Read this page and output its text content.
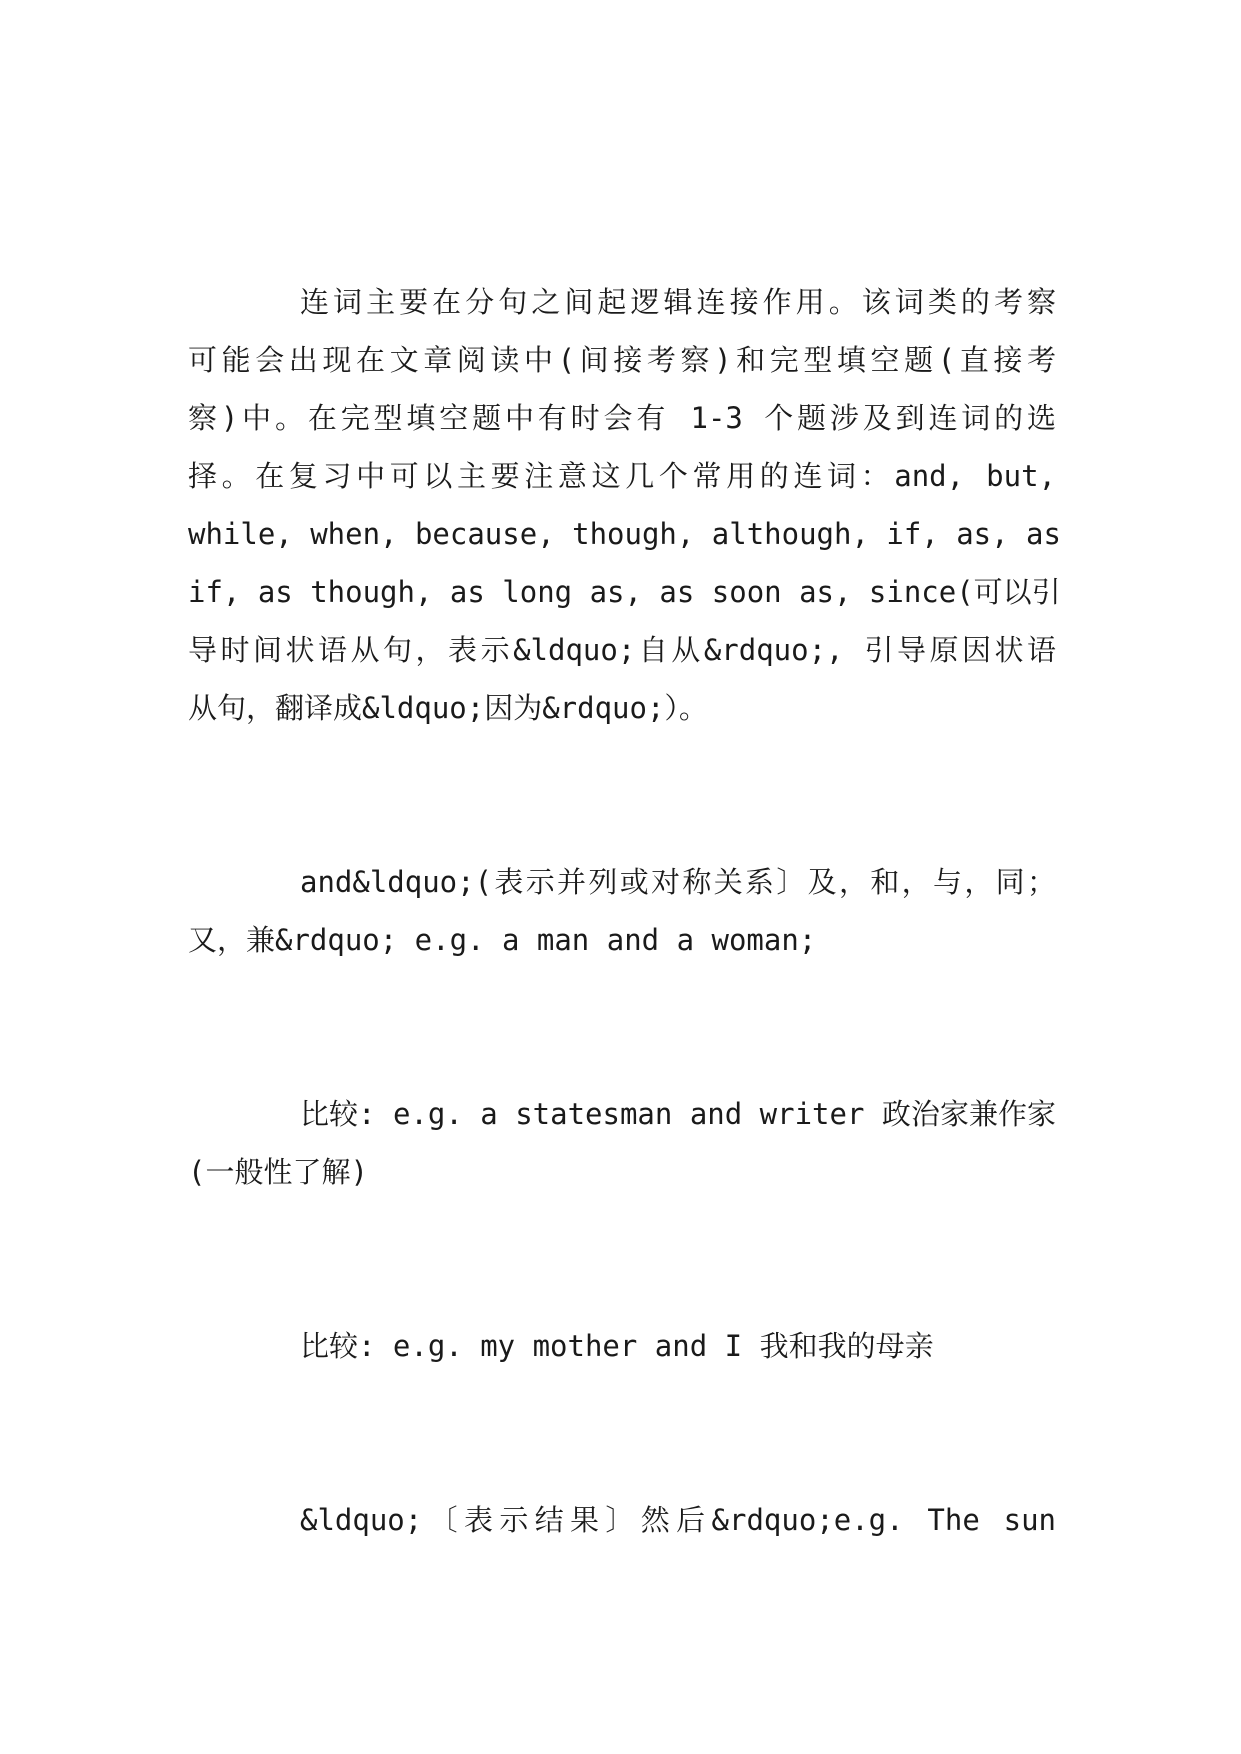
连词主要在分句之间起逻辑连接作用。该词类的考察
可能会出现在文章阅读中(间接考察)和完型填空题(直接考
察)中。在完型填空题中有时会有 1-3 个题涉及到连词的选
择。在复习中可以主要注意这几个常用的连词：and, but,
while, when, because, though, although, if, as, as
if, as though, as long as, as soon as, since(可以引
导时间状语从句，表示&ldquo;自从&rdquo;, 引导原因状语
从句，翻译成&ldquo;因为&rdquo;）。
and&ldquo;(表示并列或对称关系〕及，和，与，同；
又，兼&rdquo; e.g. a man and a woman;
比较: e.g. a statesman and writer 政治家兼作家
(一般性了解)
比较: e.g. my mother and I 我和我的母亲
&ldquo;〔表示结果〕然后&rdquo;e.g. The sun
